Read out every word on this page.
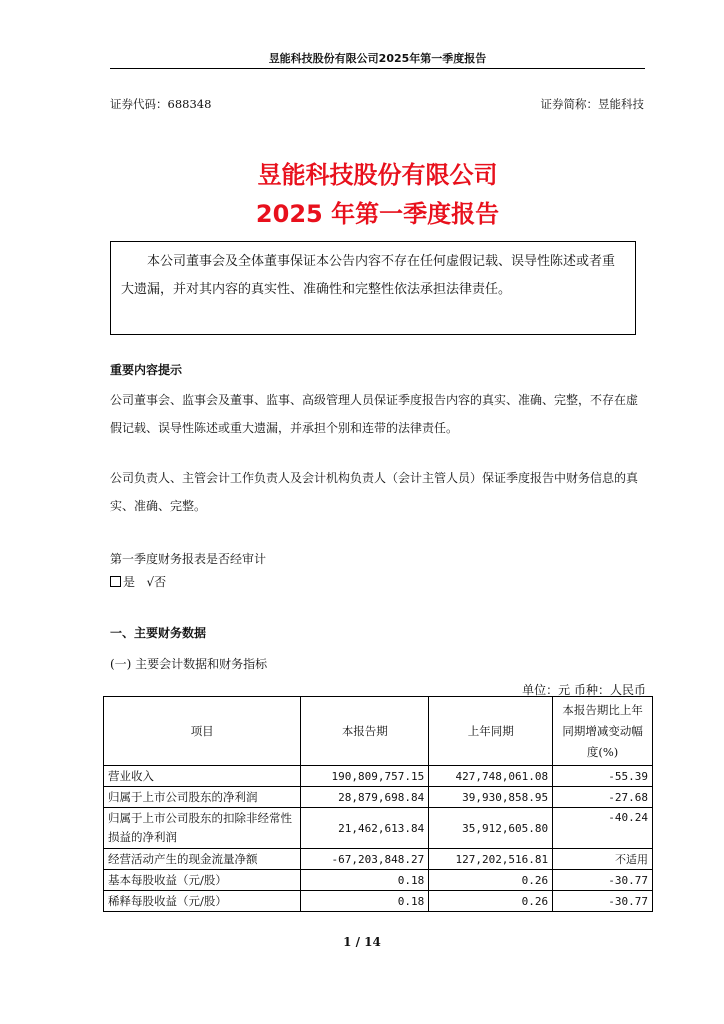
昱能科技股份有限公司2025年第一季度报告
证券代码：688348	证券简称：昱能科技
昱能科技股份有限公司
2025 年第一季度报告

本公司董事会及全体董事保证本公告内容不存在任何虚假记载、误导性陈述或者重大遗漏，并对其内容的真实性、准确性和完整性依法承担法律责任。

重要内容提示

公司董事会、监事会及董事、监事、高级管理人员保证季度报告内容的真实、准确、完整，不存在虚假记载、误导性陈述或重大遗漏，并承担个别和连带的法律责任。

公司负责人、主管会计工作负责人及会计机构负责人（会计主管人员）保证季度报告中财务信息的真实、准确、完整。

第一季度财务报表是否经审计
是 √否
一、主要财务数据
(一) 主要会计数据和财务指标
单位：元 币种：人民币
项目	本报告期	上年同期	本报告期比上年同期增减变动幅度(%)
营业收入	190,809,757.15	427,748,061.08	-55.39
归属于上市公司股东的净利润	28,879,698.84	39,930,858.95	-27.68
归属于上市公司股东的扣除非经常性损益的净利润	21,462,613.84	35,912,605.80	-40.24
经营活动产生的现金流量净额	-67,203,848.27	127,202,516.81	不适用
基本每股收益（元/股）	0.18	0.26	-30.77
稀释每股收益（元/股）	0.18	0.26	-30.77
1 / 14
